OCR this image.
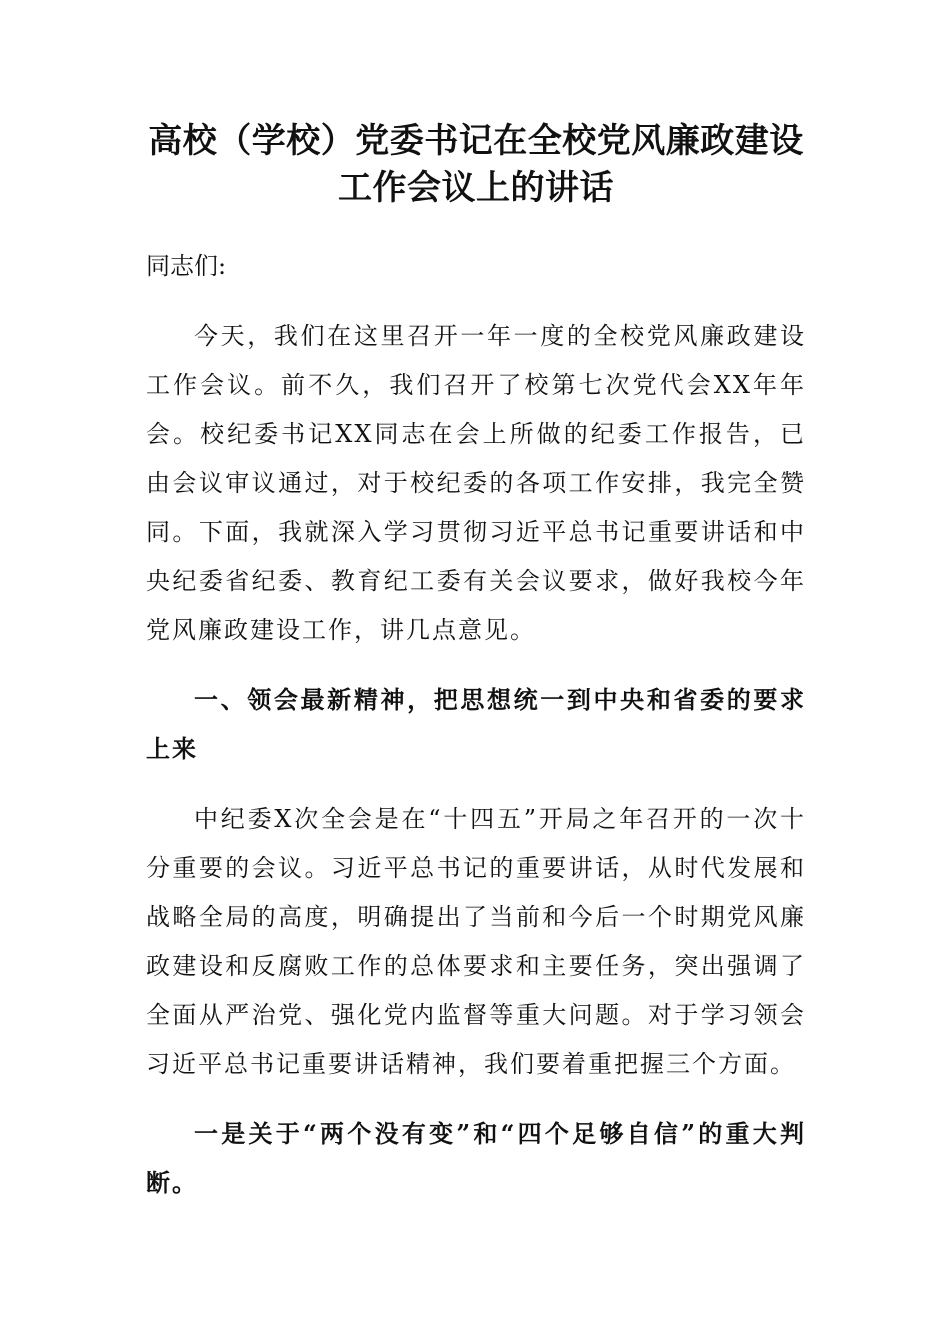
高校（学校）党委书记在全校党风廉政建设工作会议上的讲话

同志们:

今天，我们在这里召开一年一度的全校党风廉政建设工作会议。前不久，我们召开了校第七次党代会XX年年会。校纪委书记XX同志在会上所做的纪委工作报告，已由会议审议通过，对于校纪委的各项工作安排，我完全赞同。下面，我就深入学习贯彻习近平总书记重要讲话和中央纪委省纪委、教育纪工委有关会议要求，做好我校今年党风廉政建设工作，讲几点意见。

一、领会最新精神，把思想统一到中央和省委的要求上来

中纪委X次全会是在“十四五”开局之年召开的一次十分重要的会议。习近平总书记的重要讲话，从时代发展和战略全局的高度，明确提出了当前和今后一个时期党风廉政建设和反腐败工作的总体要求和主要任务，突出强调了全面从严治党、强化党内监督等重大问题。对于学习领会习近平总书记重要讲话精神，我们要着重把握三个方面。

一是关于“两个没有变”和“四个足够自信”的重大判断。
